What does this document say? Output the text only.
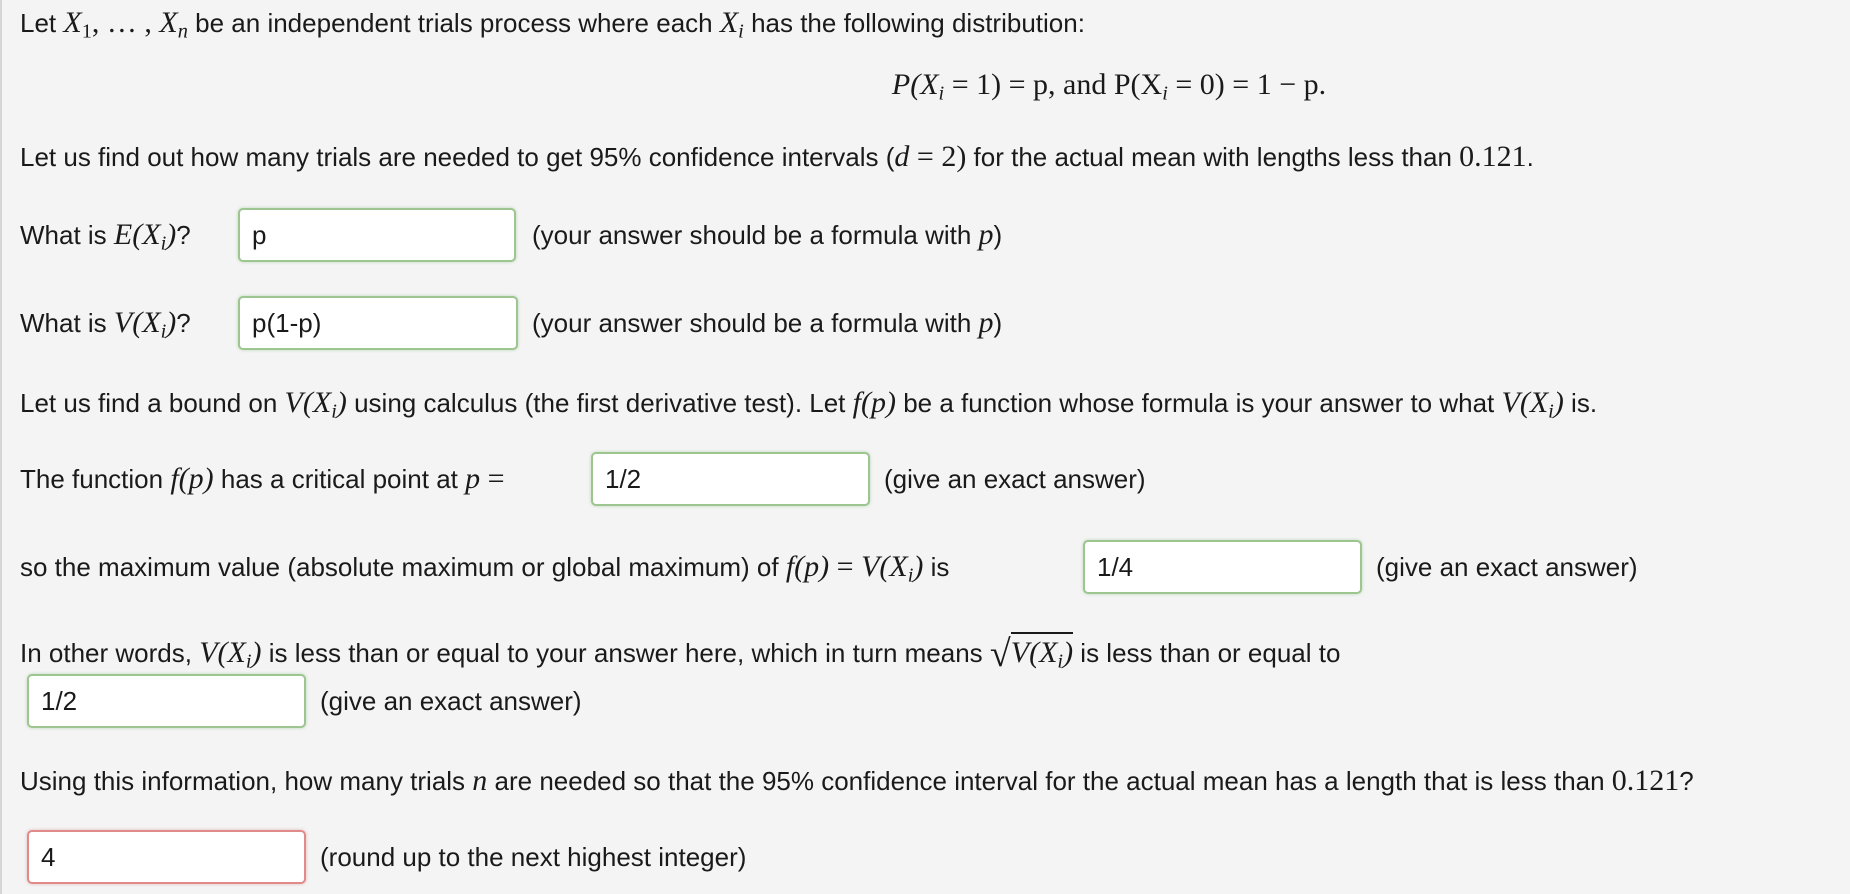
Let X1, … , $X_n$ be an independent trials process where each $X_i$ has the following distribution:
$P(X_i = 1) = p$, and $P(X_i = 0) = 1 - p$.
Let us find out how many trials are needed to get 95% confidence intervals (d = 2) for the actual mean with lengths less than 0.121.
What is $E(X_i)$?	p	(your answer should be a formula with p)
What is $V(X_i)$?	p(1-p)	(your answer should be a formula with p)
Let us find a bound on $V(X_i)$ using calculus (the first derivative test). Let f(p) be a function whose formula is your answer to what $V(X_i)$ is.
The function f(p) has a critical point at p =	1/2	(give an exact answer)
so the maximum value (absolute maximum or global maximum) of $f(p) = V(X_i)$ is	1/4	(give an exact answer)
In other words, $V(X_i)$ is less than or equal to your answer here, which in turn means $√V(X_i)$ is less than or equal to
1/2	(give an exact answer)
Using this information, how many trials n are needed so that the 95% confidence interval for the actual mean has a length that is less than 0.121?
4	(round up to the next highest integer)
